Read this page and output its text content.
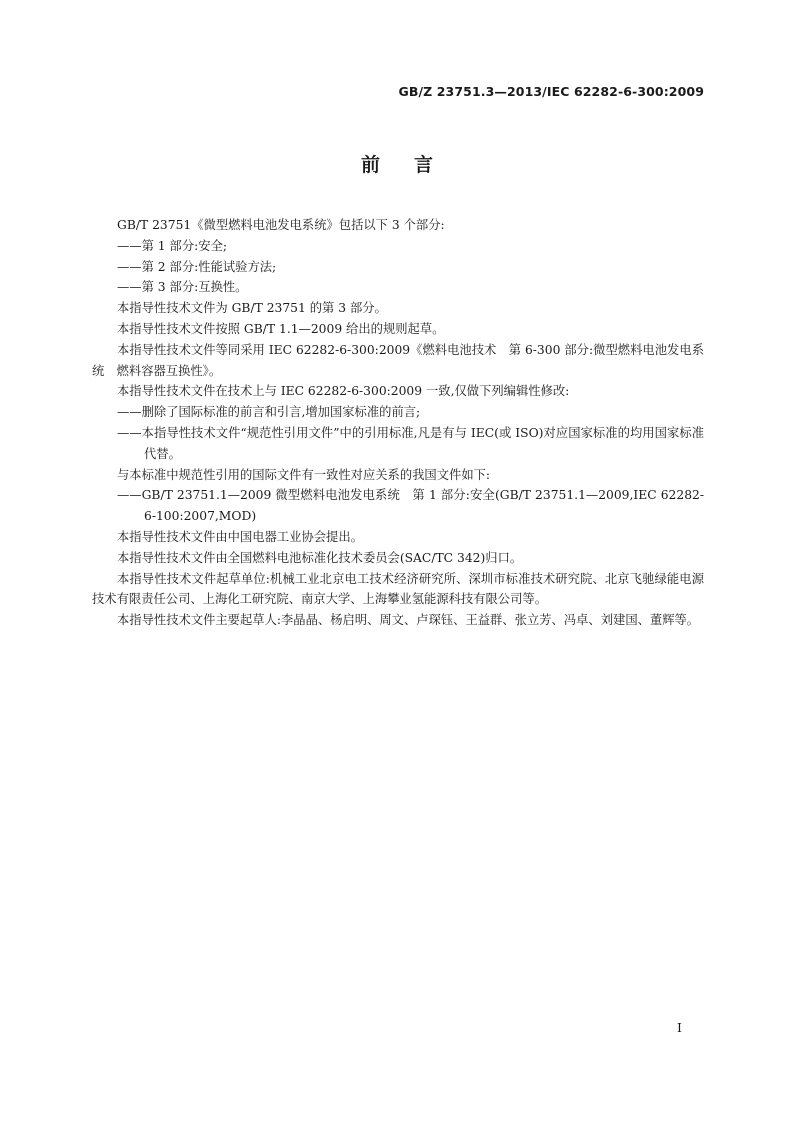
GB/Z 23751.3—2013/IEC 62282-6-300:2009
前言
GB/T 23751《微型燃料电池发电系统》包括以下 3 个部分:
——第 1 部分:安全;
——第 2 部分:性能试验方法;
——第 3 部分:互换性。
本指导性技术文件为 GB/T 23751 的第 3 部分。
本指导性技术文件按照 GB/T 1.1—2009 给出的规则起草。
本指导性技术文件等同采用 IEC 62282-6-300:2009《燃料电池技术　第 6-300 部分:微型燃料电池发电系统　燃料容器互换性》。
本指导性技术文件在技术上与 IEC 62282-6-300:2009 一致,仅做下列编辑性修改:
——删除了国际标准的前言和引言,增加国家标准的前言;
——本指导性技术文件“规范性引用文件”中的引用标准,凡是有与 IEC(或 ISO)对应国家标准的均用国家标准代替。
与本标准中规范性引用的国际文件有一致性对应关系的我国文件如下:
——GB/T 23751.1—2009 微型燃料电池发电系统　第 1 部分:安全(GB/T 23751.1—2009,IEC 62282-6-100:2007,MOD)
本指导性技术文件由中国电器工业协会提出。
本指导性技术文件由全国燃料电池标准化技术委员会(SAC/TC 342)归口。
本指导性技术文件起草单位:机械工业北京电工技术经济研究所、深圳市标准技术研究院、北京飞驰绿能电源技术有限责任公司、上海化工研究院、南京大学、上海攀业氢能源科技有限公司等。
本指导性技术文件主要起草人:李晶晶、杨启明、周文、卢琛钰、王益群、张立芳、冯卓、刘建国、董辉等。
I
